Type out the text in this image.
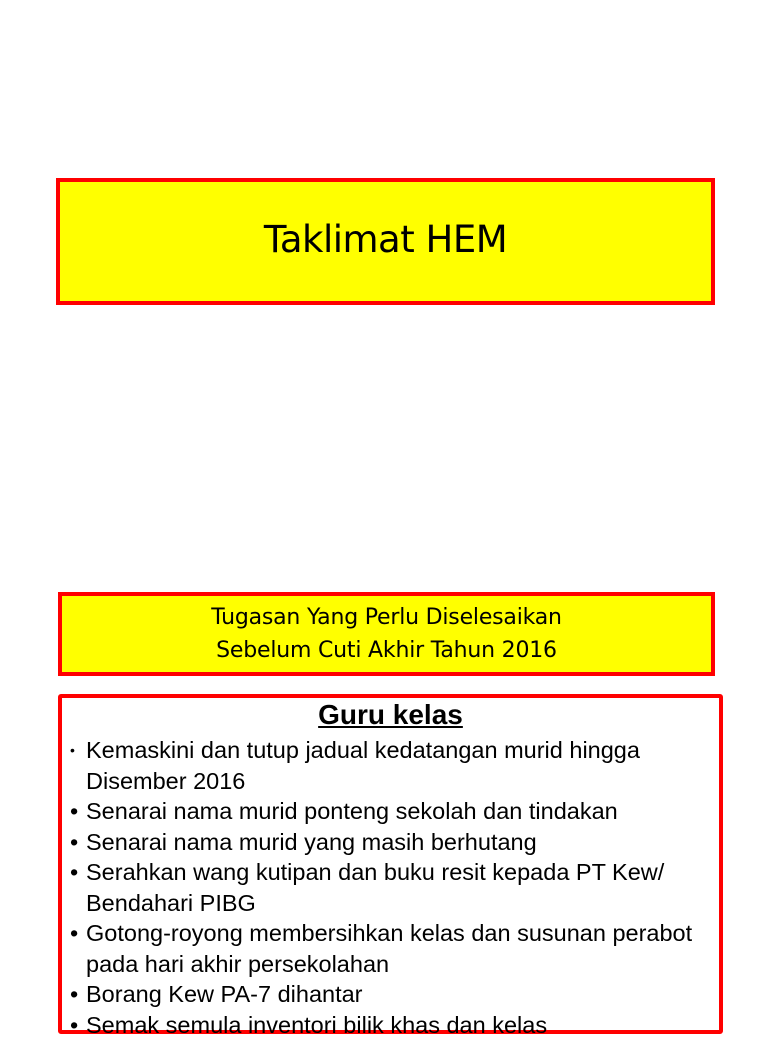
Taklimat HEM
Tugasan Yang Perlu Diselesaikan
Sebelum Cuti Akhir Tahun 2016
Guru kelas
• Kemaskini dan tutup jadual kedatangan murid hingga Disember 2016
• Senarai nama murid ponteng sekolah dan tindakan
• Senarai nama murid yang masih berhutang
• Serahkan wang kutipan dan buku resit kepada PT Kew/ Bendahari PIBG
• Gotong-royong membersihkan kelas dan susunan perabot pada hari akhir persekolahan
• Borang Kew PA-7 dihantar
• Semak semula inventori bilik khas dan kelas
